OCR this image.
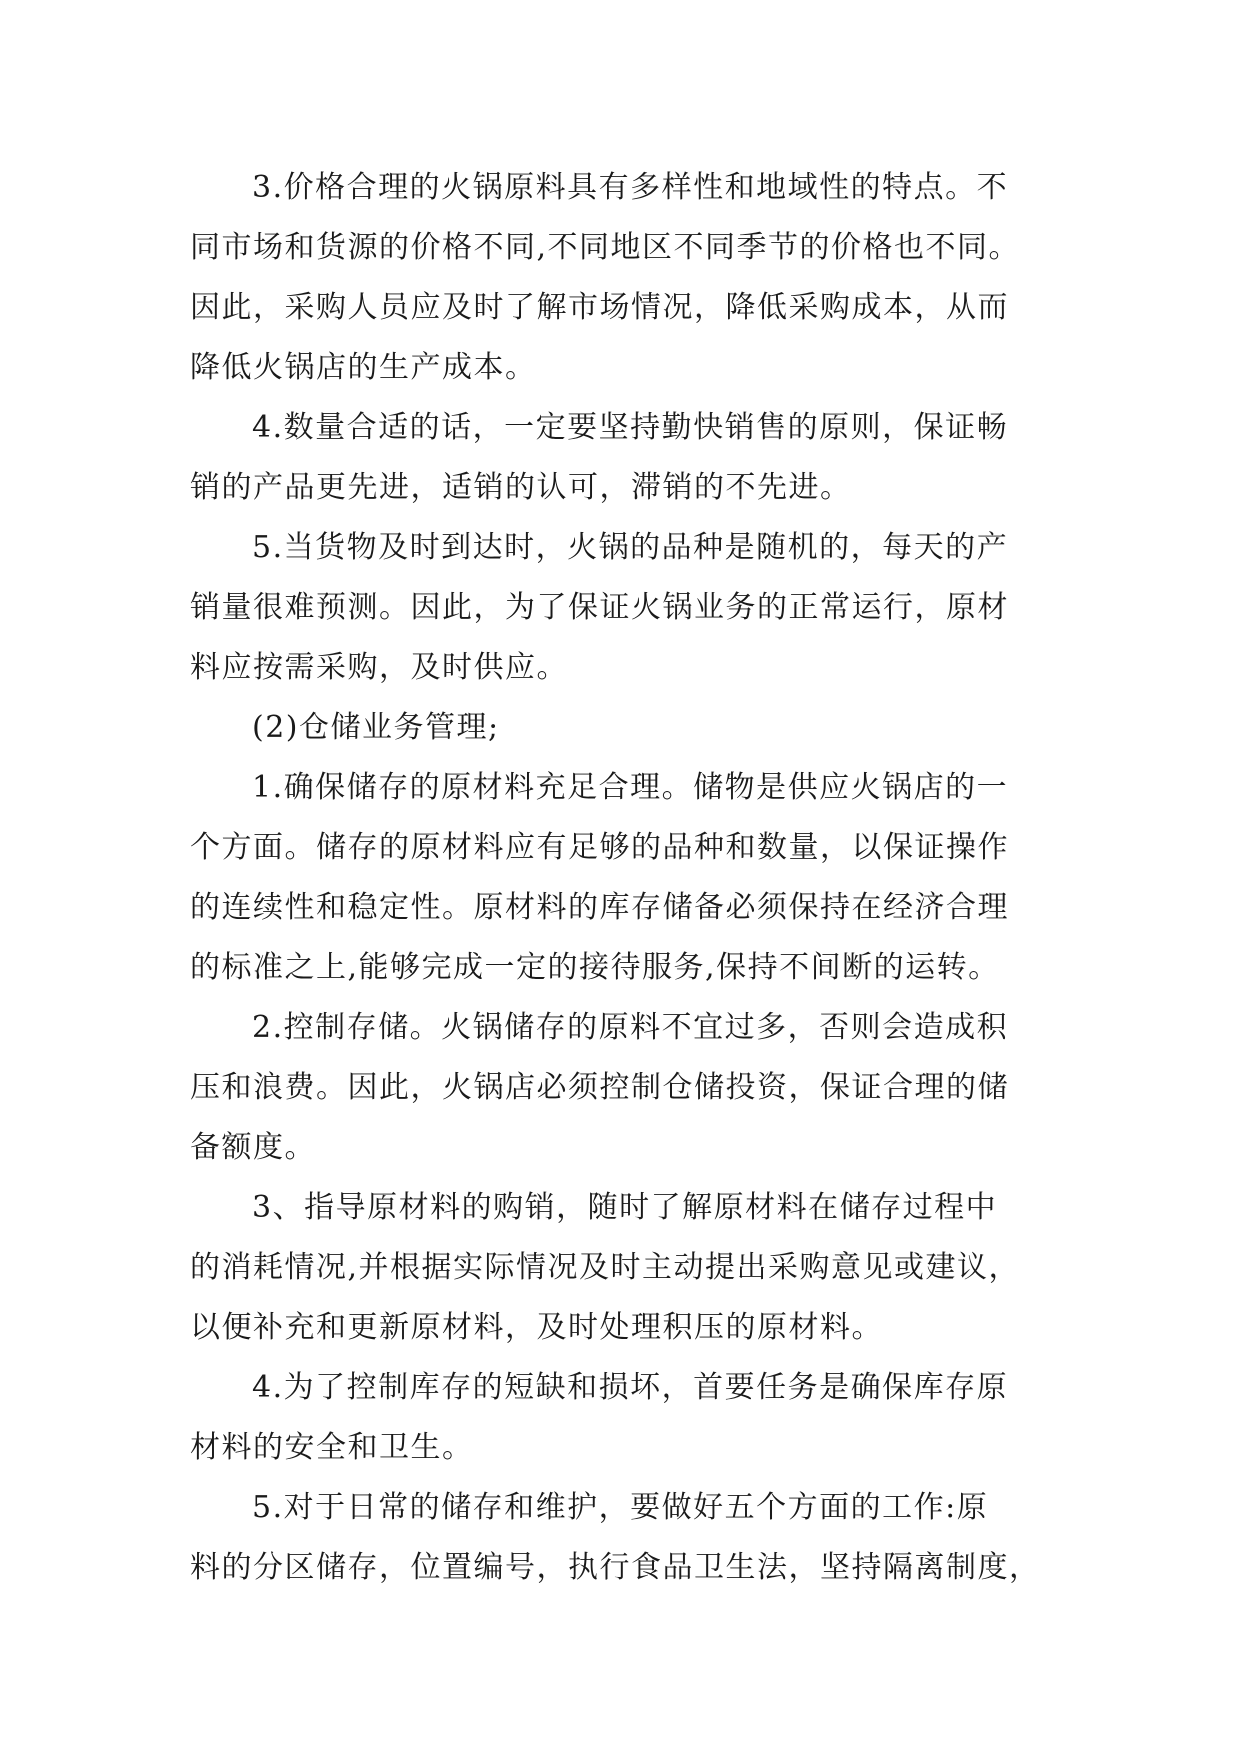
3.价格合理的火锅原料具有多样性和地域性的特点。不
同市场和货源的价格不同,不同地区不同季节的价格也不同。
因此，采购人员应及时了解市场情况，降低采购成本，从而
降低火锅店的生产成本。
4.数量合适的话，一定要坚持勤快销售的原则，保证畅
销的产品更先进，适销的认可，滞销的不先进。
5.当货物及时到达时，火锅的品种是随机的，每天的产
销量很难预测。因此，为了保证火锅业务的正常运行，原材
料应按需采购，及时供应。
(2)仓储业务管理;
1.确保储存的原材料充足合理。储物是供应火锅店的一
个方面。储存的原材料应有足够的品种和数量，以保证操作
的连续性和稳定性。原材料的库存储备必须保持在经济合理
的标准之上,能够完成一定的接待服务,保持不间断的运转。
2.控制存储。火锅储存的原料不宜过多，否则会造成积
压和浪费。因此，火锅店必须控制仓储投资，保证合理的储
备额度。
3、指导原材料的购销，随时了解原材料在储存过程中
的消耗情况,并根据实际情况及时主动提出采购意见或建议，
以便补充和更新原材料，及时处理积压的原材料。
4.为了控制库存的短缺和损坏，首要任务是确保库存原
材料的安全和卫生。
5.对于日常的储存和维护，要做好五个方面的工作:原
料的分区储存，位置编号，执行食品卫生法，坚持隔离制度，
